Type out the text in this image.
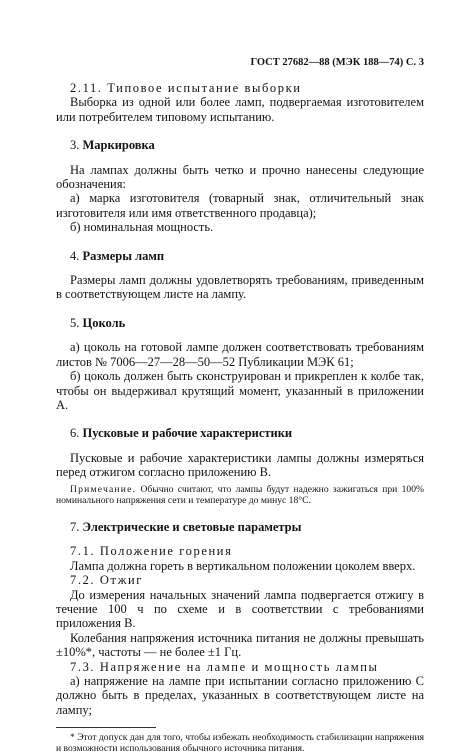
ГОСТ 27682—88 (МЭК 188—74) С. 3

2.11. Типовое испытание выборки

Выборка из одной или более ламп, подвергаемая изготовителем или потребителем типовому испытанию.

3. Маркировка

На лампах должны быть четко и прочно нанесены следующие обозначения:

а) марка изготовителя (товарный знак, отличительный знак изготовителя или имя ответственного продавца);

б) номинальная мощность.

4. Размеры ламп

Размеры ламп должны удовлетворять требованиям, приведенным в соответствующем листе на лампу.

5. Цоколь

а) цоколь на готовой лампе должен соответствовать требованиям листов № 7006—27—28—50—52 Публикации МЭК 61;

б) цоколь должен быть сконструирован и прикреплен к колбе так, чтобы он выдерживал крутящий момент, указанный в приложении А.

6. Пусковые и рабочие характеристики

Пусковые и рабочие характеристики лампы должны измеряться перед отжигом согласно приложению В.

Примечание. Обычно считают, что лампы будут надежно зажигаться при 100% номинального напряжения сети и температуре до минус 18°С.
7. Электрические и световые параметры

7.1. Положение горения

Лампа должна гореть в вертикальном положении цоколем вверх.

7.2. Отжиг

До измерения начальных значений лампа подвергается отжигу в течение 100 ч по схеме и в соответствии с требованиями приложения В.

Колебания напряжения источника питания не должны превышать ±10%*, частоты — не более ±1 Гц.

7.3. Напряжение на лампе и мощность лампы

а) напряжение на лампе при испытании согласно приложению С должно быть в пределах, указанных в соответствующем листе на лампу;

* Этот допуск дан для того, чтобы избежать необходимость стабилизации напряжения и возможности использования обычного источника питания.
